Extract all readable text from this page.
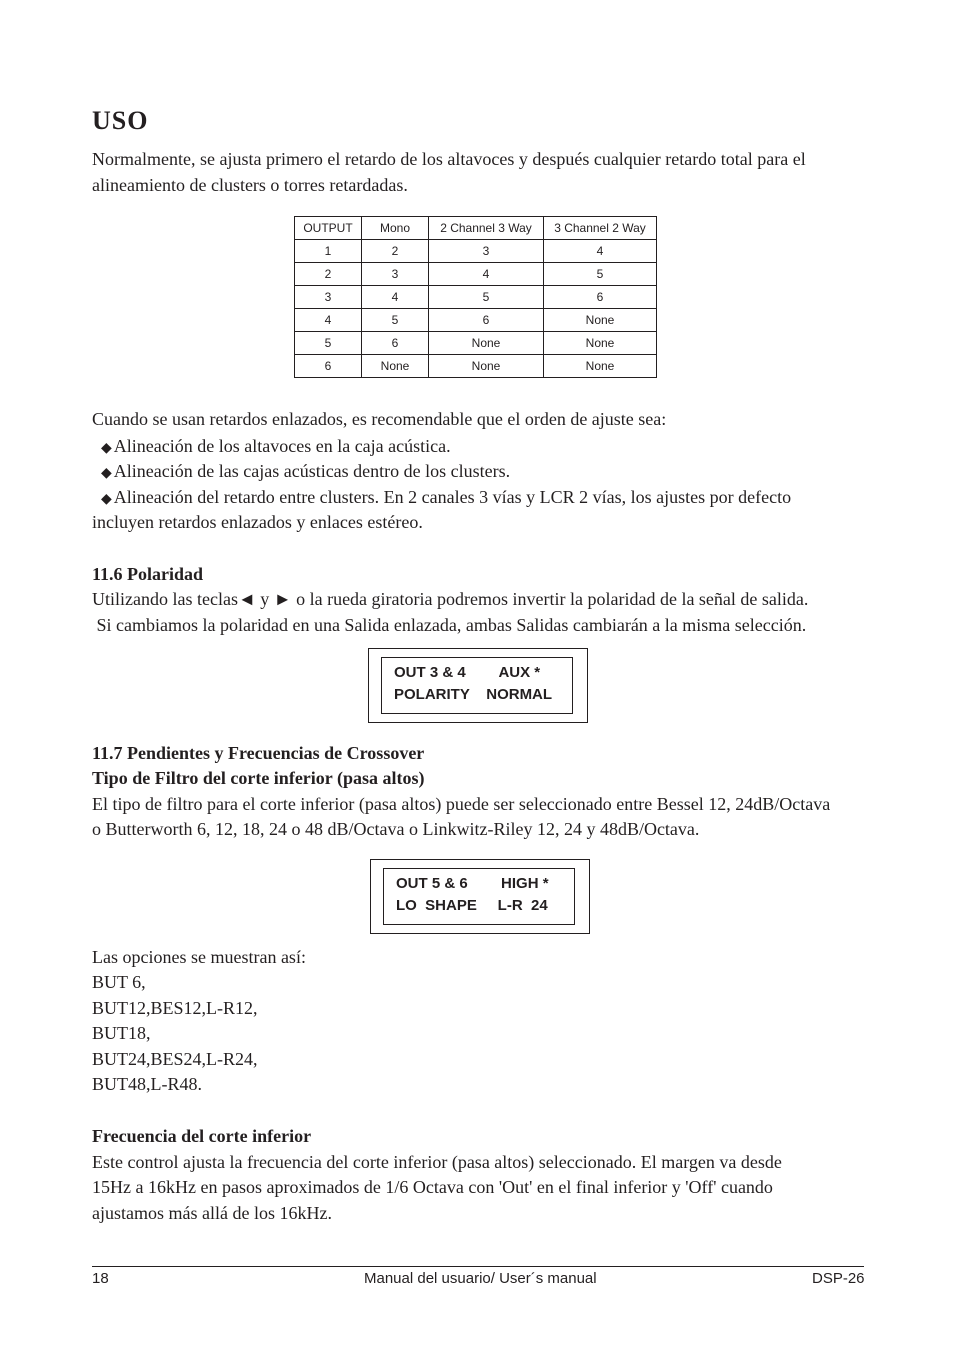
USO
Normalmente, se ajusta primero el retardo de los altavoces y después cualquier retardo total para el
alineamiento de clusters o torres retardadas.
OUTPUT	Mono	2 Channel 3 Way	3 Channel 2 Way
1	2	3	4
2	3	4	5
3	4	5	6
4	5	6	None
5	6	None	None
6	None	None	None
Cuando se usan retardos enlazados, es recomendable que el orden de ajuste sea:
◆ Alineación de los altavoces en la caja acústica.
◆ Alineación de las cajas acústicas dentro de los clusters.
◆ Alineación del retardo entre clusters. En 2 canales 3 vías y LCR 2 vías, los ajustes por defecto
incluyen retardos enlazados y enlaces estéreo.
11.6 Polaridad
Utilizando las teclas◄ y ► o la rueda giratoria podremos invertir la polaridad de la señal de salida.
Si cambiamos la polaridad en una Salida enlazada, ambas Salidas cambiarán a la misma selección.
OUT 3 & 4        AUX *
POLARITY    NORMAL
11.7 Pendientes y Frecuencias de Crossover
Tipo de Filtro del corte inferior (pasa altos)
El tipo de filtro para el corte inferior (pasa altos) puede ser seleccionado entre Bessel 12, 24dB/Octava
o Butterworth 6, 12, 18, 24 o 48 dB/Octava o Linkwitz-Riley 12, 24 y 48dB/Octava.
OUT 5 & 6        HIGH *
LO  SHAPE     L-R  24
Las opciones se muestran así:
BUT 6,
BUT12,BES12,L-R12,
BUT18,
BUT24,BES24,L-R24,
BUT48,L-R48.
Frecuencia del corte inferior
Este control ajusta la frecuencia del corte inferior (pasa altos) seleccionado. El margen va desde
15Hz a 16kHz en pasos aproximados de 1/6 Octava con 'Out' en el final inferior y 'Off' cuando
ajustamos más allá de los 16kHz.
18	Manual del usuario/ User´s manual	DSP-26
